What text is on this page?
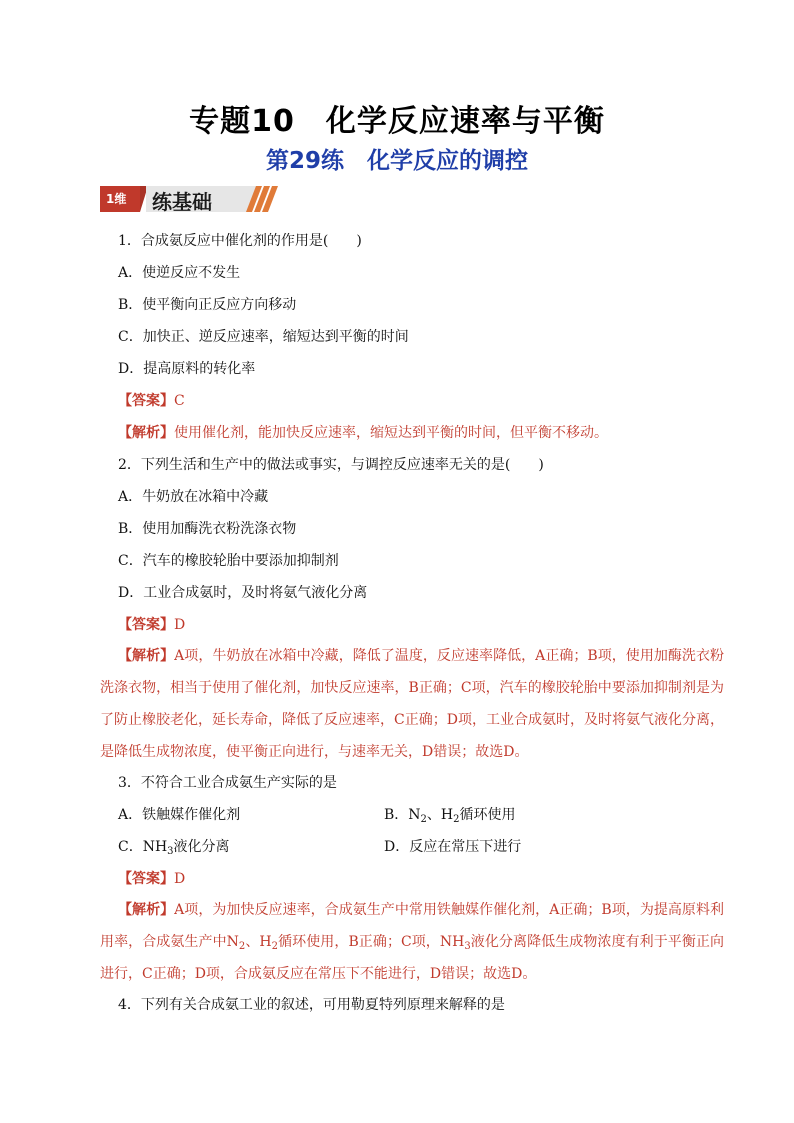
专题10　化学反应速率与平衡
第29练　化学反应的调控
1维 练基础
1．合成氨反应中催化剂的作用是(　　)
A．使逆反应不发生
B．使平衡向正反应方向移动
C．加快正、逆反应速率，缩短达到平衡的时间
D．提高原料的转化率
【答案】C
【解析】使用催化剂，能加快反应速率，缩短达到平衡的时间，但平衡不移动。
2．下列生活和生产中的做法或事实，与调控反应速率无关的是(　　)
A．牛奶放在冰箱中冷藏
B．使用加酶洗衣粉洗涤衣物
C．汽车的橡胶轮胎中要添加抑制剂
D．工业合成氨时，及时将氨气液化分离
【答案】D
【解析】A项，牛奶放在冰箱中冷藏，降低了温度，反应速率降低，A正确；B项，使用加酶洗衣粉洗涤衣物，相当于使用了催化剂，加快反应速率，B正确；C项，汽车的橡胶轮胎中要添加抑制剂是为了防止橡胶老化，延长寿命，降低了反应速率，C正确；D项，工业合成氨时，及时将氨气液化分离，是降低生成物浓度，使平衡正向进行，与速率无关，D错误；故选D。
3．不符合工业合成氨生产实际的是
A．铁触媒作催化剂	B．$N_2$、$H_2$循环使用
C．$NH_3$液化分离	D．反应在常压下进行
【答案】D
【解析】A项，为加快反应速率，合成氨生产中常用铁触媒作催化剂，A正确；B项，为提高原料利用率，合成氨生产中$N_2$、$H_2$循环使用，B正确；C项，$NH_3$液化分离降低生成物浓度有利于平衡正向进行，C正确；D项，合成氨反应在常压下不能进行，D错误；故选D。
4．下列有关合成氨工业的叙述，可用勒夏特列原理来解释的是
